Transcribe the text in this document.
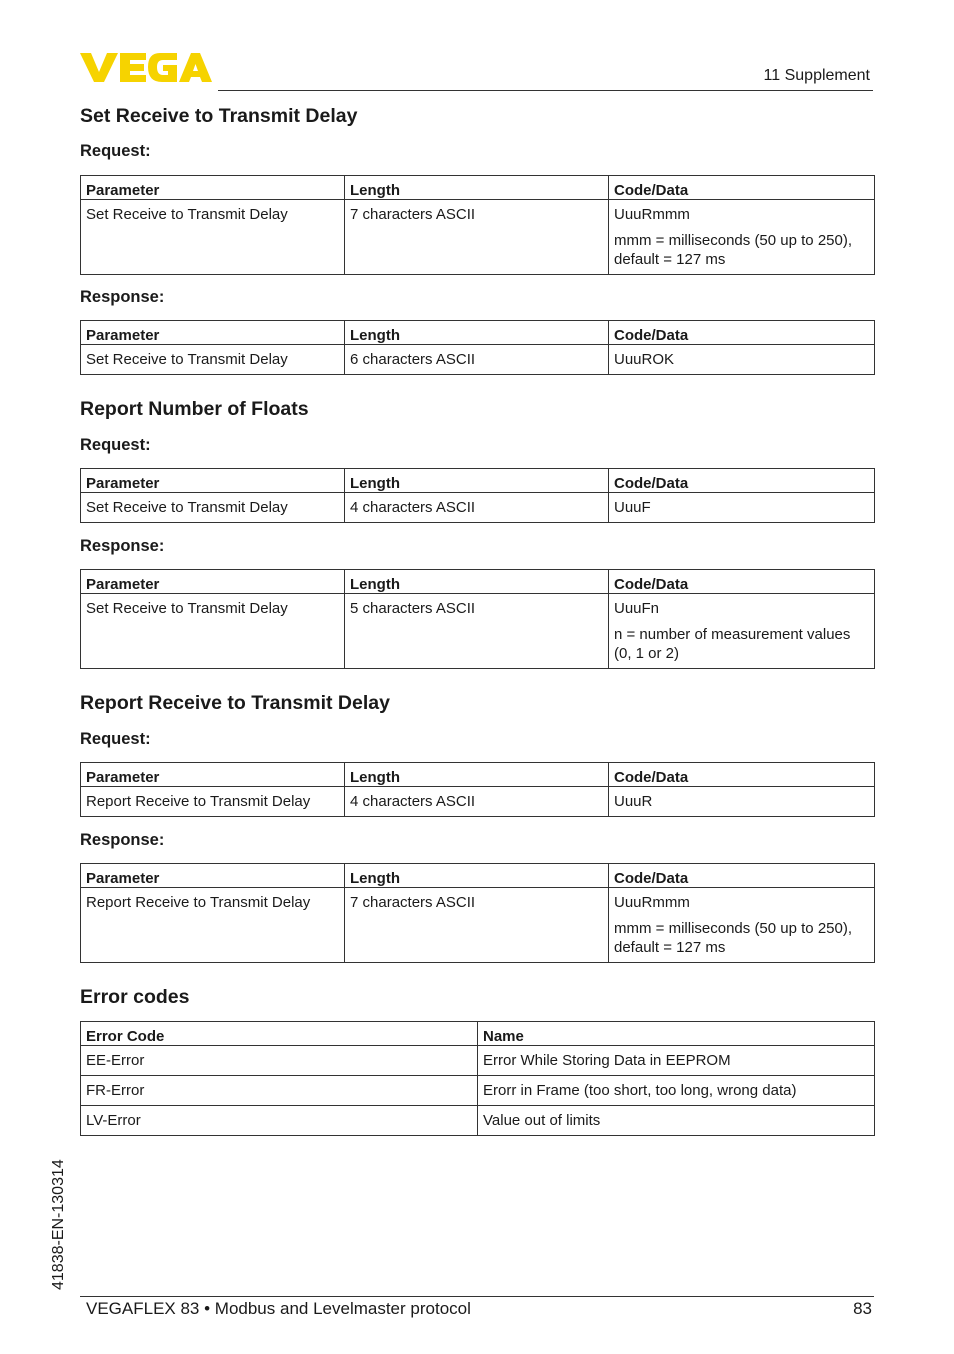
11 Supplement
Set Receive to Transmit Delay
Request:
Parameter	Length	Code/Data
Set Receive to Transmit Delay	7 characters ASCII	UuuRmmm

mmm = milliseconds (50 up to 250), default = 127 ms

Response:
Parameter	Length	Code/Data
Set Receive to Transmit Delay	6 characters ASCII	UuuROK
Report Number of Floats
Request:
Parameter	Length	Code/Data
Set Receive to Transmit Delay	4 characters ASCII	UuuF
Response:
Parameter	Length	Code/Data
Set Receive to Transmit Delay	5 characters ASCII	UuuFn

n = number of measurement values (0, 1 or 2)

Report Receive to Transmit Delay
Request:
Parameter	Length	Code/Data
Report Receive to Transmit Delay	4 characters ASCII	UuuR
Response:
Parameter	Length	Code/Data
Report Receive to Transmit Delay	7 characters ASCII	UuuRmmm

mmm = milliseconds (50 up to 250), default = 127 ms

Error codes
Error Code	Name
EE-Error	Error While Storing Data in EEPROM
FR-Error	Erorr in Frame (too short, too long, wrong data)
LV-Error	Value out of limits
41838-EN-130314
VEGAFLEX 83 • Modbus and Levelmaster protocol	83
